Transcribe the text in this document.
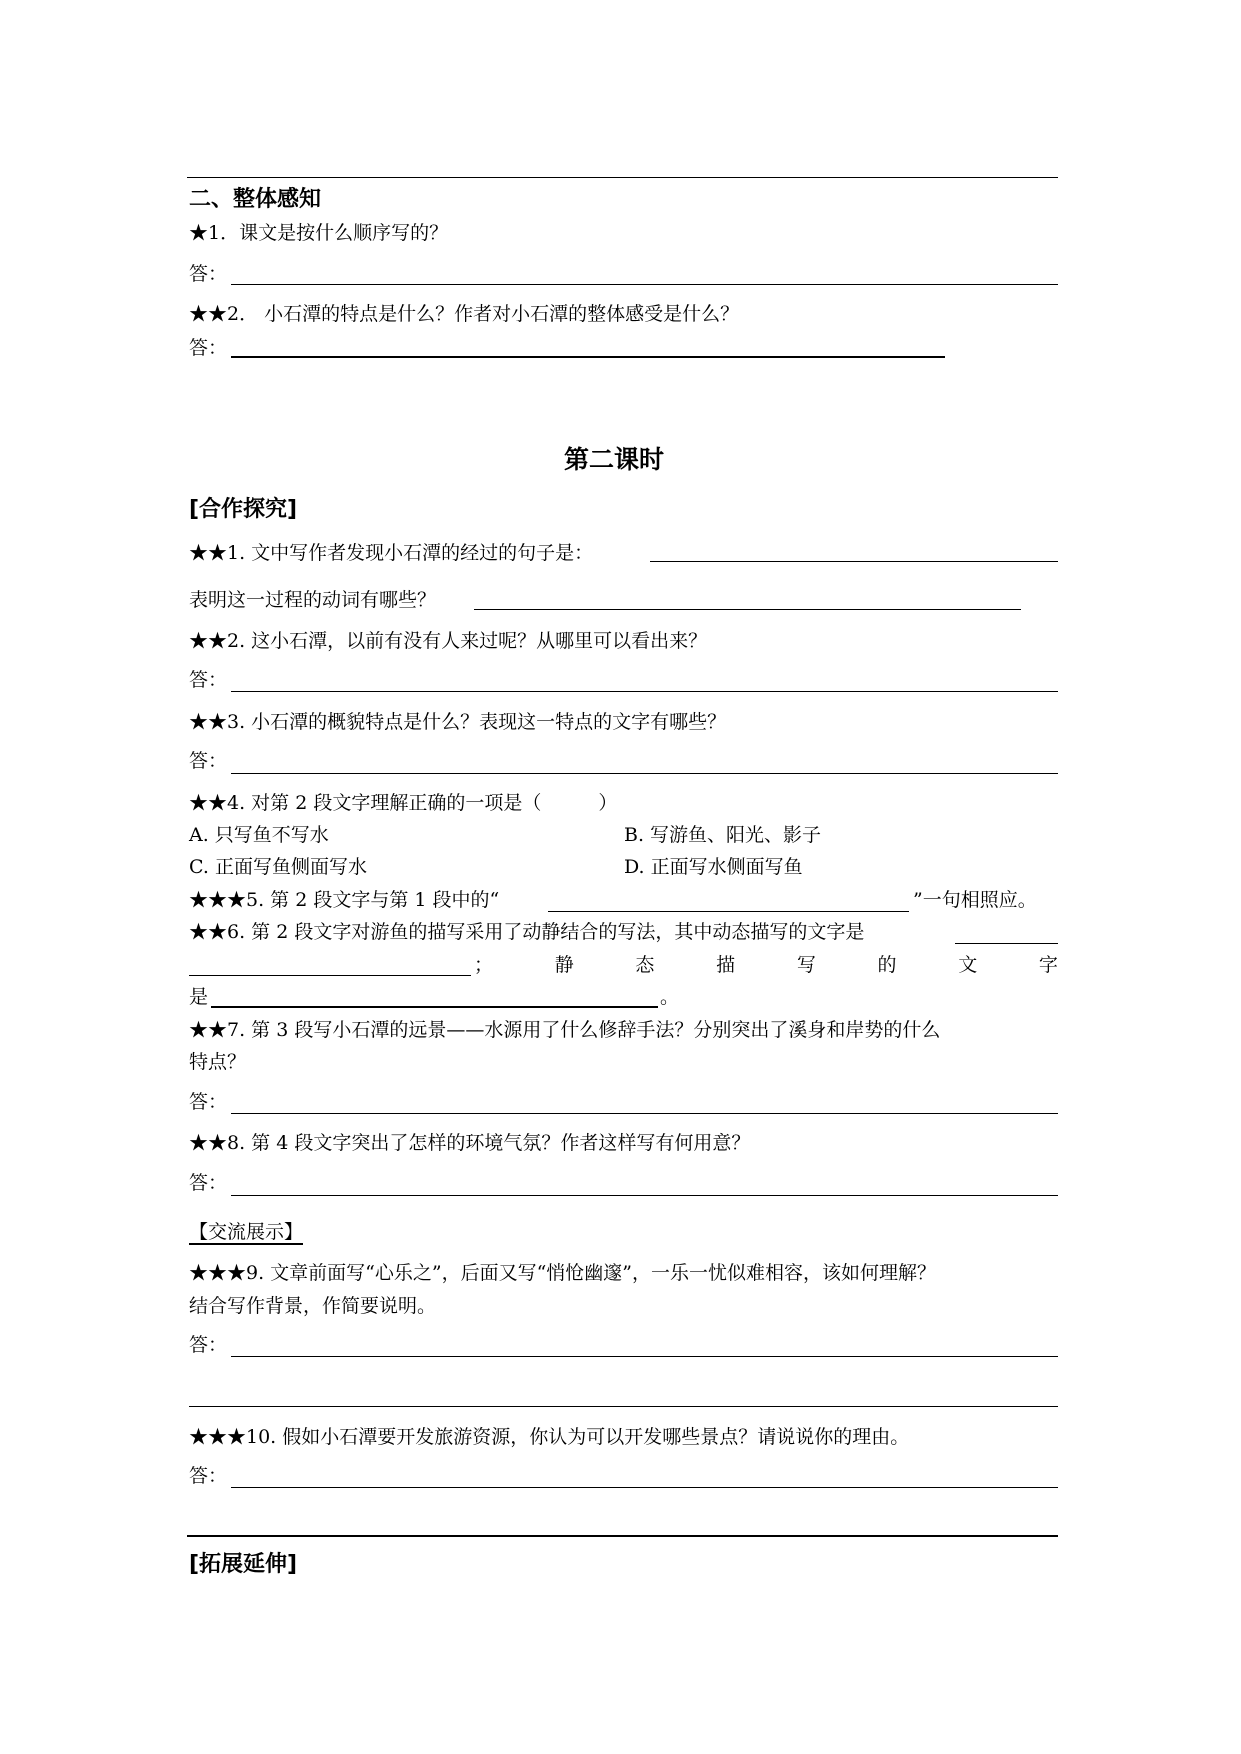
二、整体感知
★1．课文是按什么顺序写的？
答：
★★2． 小石潭的特点是什么？作者对小石潭的整体感受是什么？
答：
第二课时
[合作探究]
★★1. 文中写作者发现小石潭的经过的句子是：
表明这一过程的动词有哪些？
★★2. 这小石潭，以前有没有人来过呢？从哪里可以看出来？
答：
★★3. 小石潭的概貌特点是什么？表现这一特点的文字有哪些？
答：
★★4. 对第 2 段文字理解正确的一项是（　　　）
A. 只写鱼不写水	B. 写游鱼、阳光、影子
C. 正面写鱼侧面写水	D. 正面写水侧面写鱼
★★★5. 第 2 段文字与第 1 段中的“	”一句相照应。
★★6. 第 2 段文字对游鱼的描写采用了动静结合的写法，其中动态描写的文字是
；	静	态	描	写	的	文	字
是	。
★★7. 第 3 段写小石潭的远景——水源用了什么修辞手法？分别突出了溪身和岸势的什么
特点？
答：
★★8. 第 4 段文字突出了怎样的环境气氛？作者这样写有何用意？
答：
【交流展示】
★★★9. 文章前面写“心乐之”，后面又写“悄怆幽邃”，一乐一忧似难相容，该如何理解？
结合写作背景，作简要说明。
答：
★★★10. 假如小石潭要开发旅游资源，你认为可以开发哪些景点？请说说你的理由。
答：
[拓展延伸]
